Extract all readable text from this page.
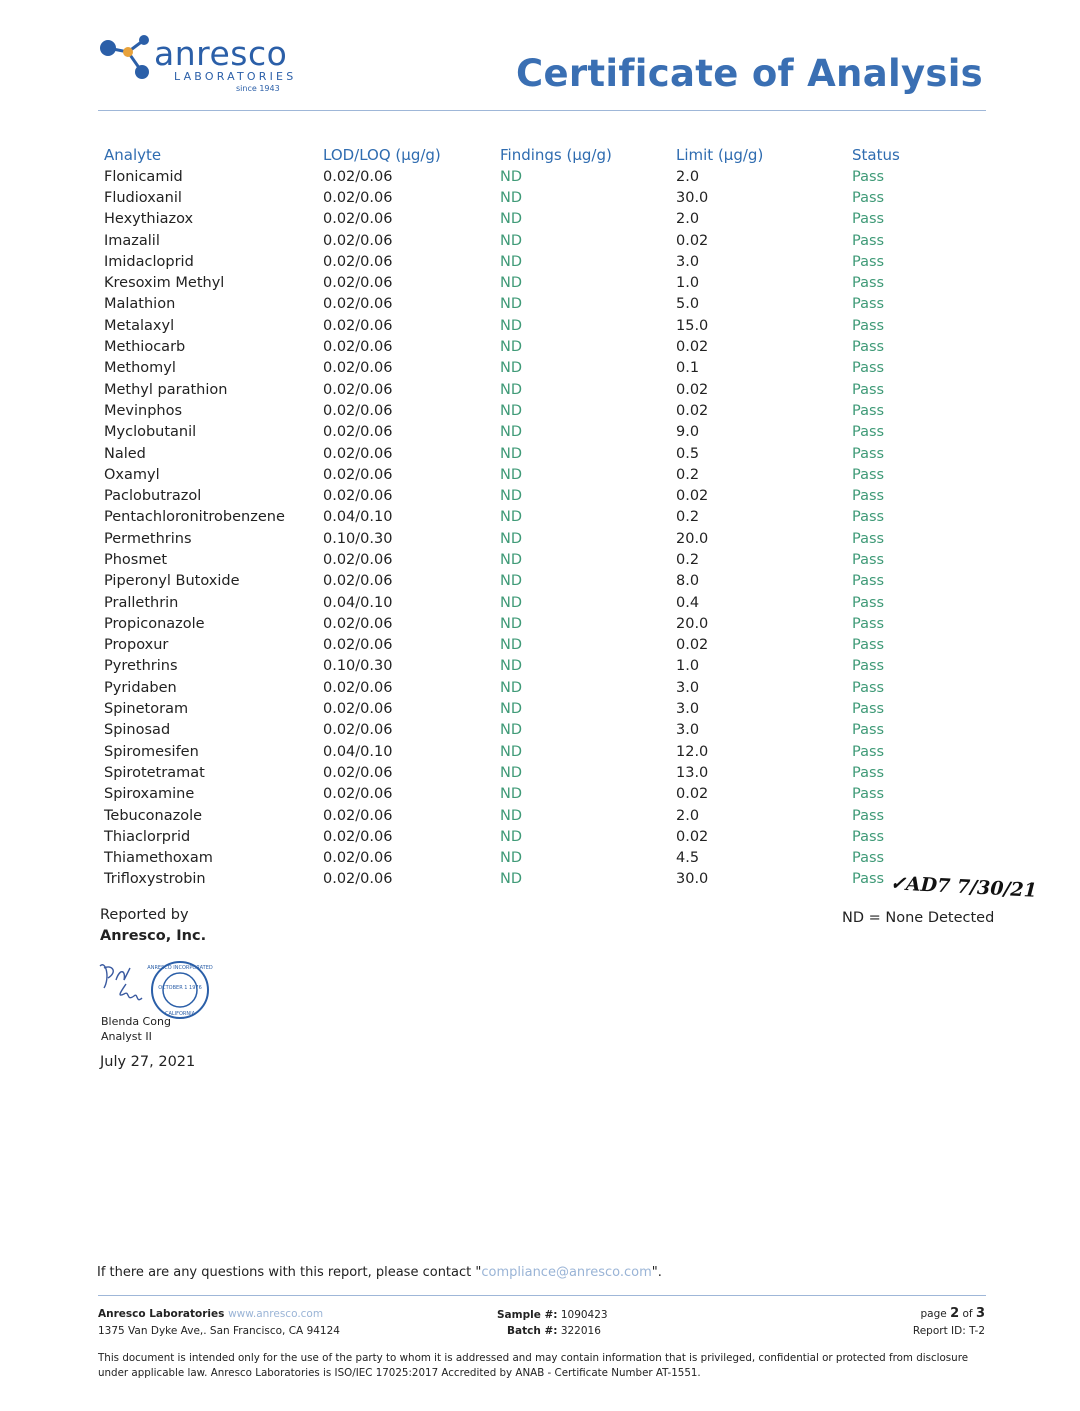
anresco
LABORATORIES
since 1943	Certificate of Analysis
Analyte	LOD/LOQ (µg/g)	Findings (µg/g)	Limit (µg/g)	Status
Flonicamid	0.02/0.06	ND	2.0	Pass
Fludioxanil	0.02/0.06	ND	30.0	Pass
Hexythiazox	0.02/0.06	ND	2.0	Pass
Imazalil	0.02/0.06	ND	0.02	Pass
Imidacloprid	0.02/0.06	ND	3.0	Pass
Kresoxim Methyl	0.02/0.06	ND	1.0	Pass
Malathion	0.02/0.06	ND	5.0	Pass
Metalaxyl	0.02/0.06	ND	15.0	Pass
Methiocarb	0.02/0.06	ND	0.02	Pass
Methomyl	0.02/0.06	ND	0.1	Pass
Methyl parathion	0.02/0.06	ND	0.02	Pass
Mevinphos	0.02/0.06	ND	0.02	Pass
Myclobutanil	0.02/0.06	ND	9.0	Pass
Naled	0.02/0.06	ND	0.5	Pass
Oxamyl	0.02/0.06	ND	0.2	Pass
Paclobutrazol	0.02/0.06	ND	0.02	Pass
Pentachloronitrobenzene	0.04/0.10	ND	0.2	Pass
Permethrins	0.10/0.30	ND	20.0	Pass
Phosmet	0.02/0.06	ND	0.2	Pass
Piperonyl Butoxide	0.02/0.06	ND	8.0	Pass
Prallethrin	0.04/0.10	ND	0.4	Pass
Propiconazole	0.02/0.06	ND	20.0	Pass
Propoxur	0.02/0.06	ND	0.02	Pass
Pyrethrins	0.10/0.30	ND	1.0	Pass
Pyridaben	0.02/0.06	ND	3.0	Pass
Spinetoram	0.02/0.06	ND	3.0	Pass
Spinosad	0.02/0.06	ND	3.0	Pass
Spiromesifen	0.04/0.10	ND	12.0	Pass
Spirotetramat	0.02/0.06	ND	13.0	Pass
Spiroxamine	0.02/0.06	ND	0.02	Pass
Tebuconazole	0.02/0.06	ND	2.0	Pass
Thiaclorprid	0.02/0.06	ND	0.02	Pass
Thiamethoxam	0.02/0.06	ND	4.5	Pass
Trifloxystrobin	0.02/0.06	ND	30.0	Pass ✓AD7 7/30/21
Reported by
Anresco, Inc.
ND = None Detected
OCTOBER 1 1976
ANRESCO INCORPORATED
CALIFORNIA
Blenda Cong
Analyst II
July 27, 2021
If there are any questions with this report, please contact "compliance@anresco.com".
Anresco Laboratories www.anresco.com
1375 Van Dyke Ave,. San Francisco, CA 94124
Sample #: 1090423
Batch #: 322016
page 2 of 3
Report ID: T-2
This document is intended only for the use of the party to whom it is addressed and may contain information that is privileged, confidential or protected from disclosure under applicable law. Anresco Laboratories is ISO/IEC 17025:2017 Accredited by ANAB - Certificate Number AT-1551.
